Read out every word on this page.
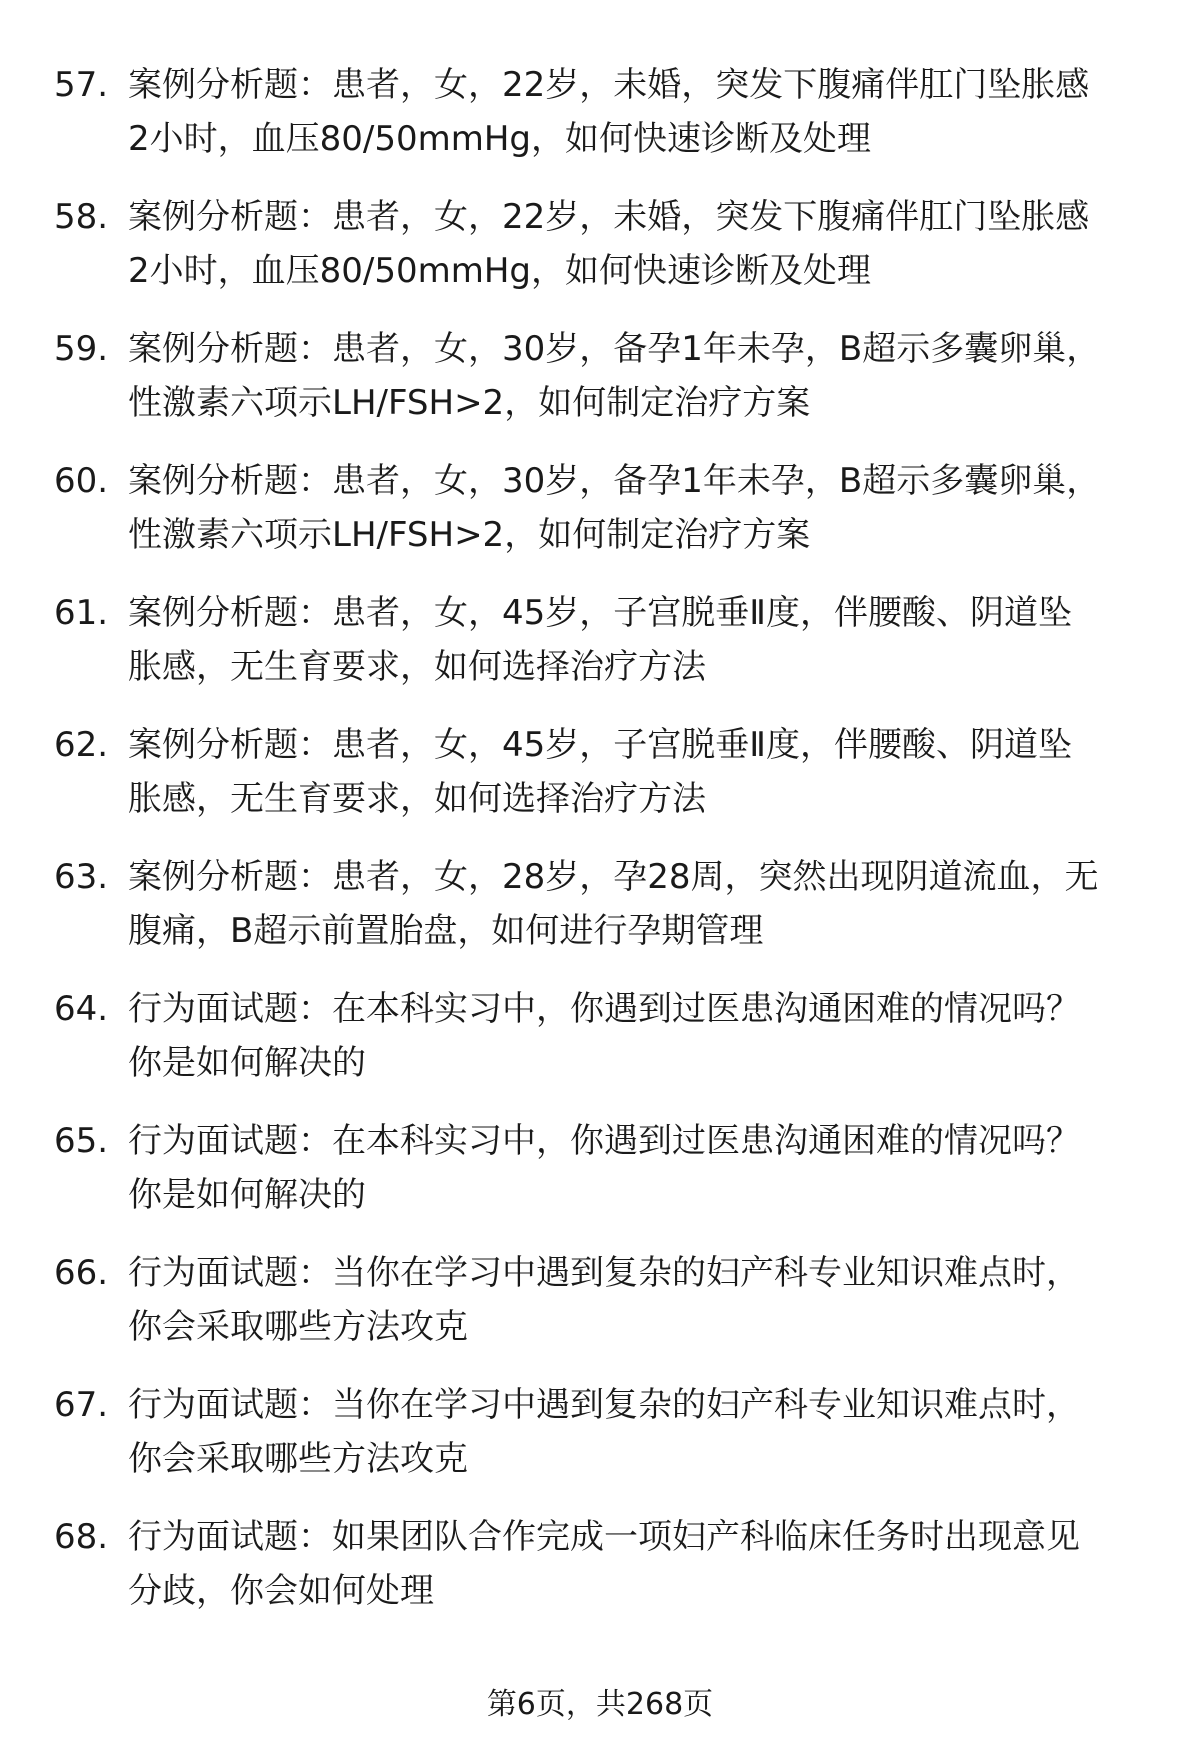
57. 案例分析题：患者，女，22岁，未婚，突发下腹痛伴肛门坠胀感
2小时，血压80/50mmHg，如何快速诊断及处理
58. 案例分析题：患者，女，22岁，未婚，突发下腹痛伴肛门坠胀感
2小时，血压80/50mmHg，如何快速诊断及处理
59. 案例分析题：患者，女，30岁，备孕1年未孕，B超示多囊卵巢，
性激素六项示LH/FSH>2，如何制定治疗方案
60. 案例分析题：患者，女，30岁，备孕1年未孕，B超示多囊卵巢，
性激素六项示LH/FSH>2，如何制定治疗方案
61. 案例分析题：患者，女，45岁，子宫脱垂Ⅱ度，伴腰酸、阴道坠
胀感，无生育要求，如何选择治疗方法
62. 案例分析题：患者，女，45岁，子宫脱垂Ⅱ度，伴腰酸、阴道坠
胀感，无生育要求，如何选择治疗方法
63. 案例分析题：患者，女，28岁，孕28周，突然出现阴道流血，无
腹痛，B超示前置胎盘，如何进行孕期管理
64. 行为面试题：在本科实习中，你遇到过医患沟通困难的情况吗？
你是如何解决的
65. 行为面试题：在本科实习中，你遇到过医患沟通困难的情况吗？
你是如何解决的
66. 行为面试题：当你在学习中遇到复杂的妇产科专业知识难点时，
你会采取哪些方法攻克
67. 行为面试题：当你在学习中遇到复杂的妇产科专业知识难点时，
你会采取哪些方法攻克
68. 行为面试题：如果团队合作完成一项妇产科临床任务时出现意见
分歧，你会如何处理
第6页，共268页
